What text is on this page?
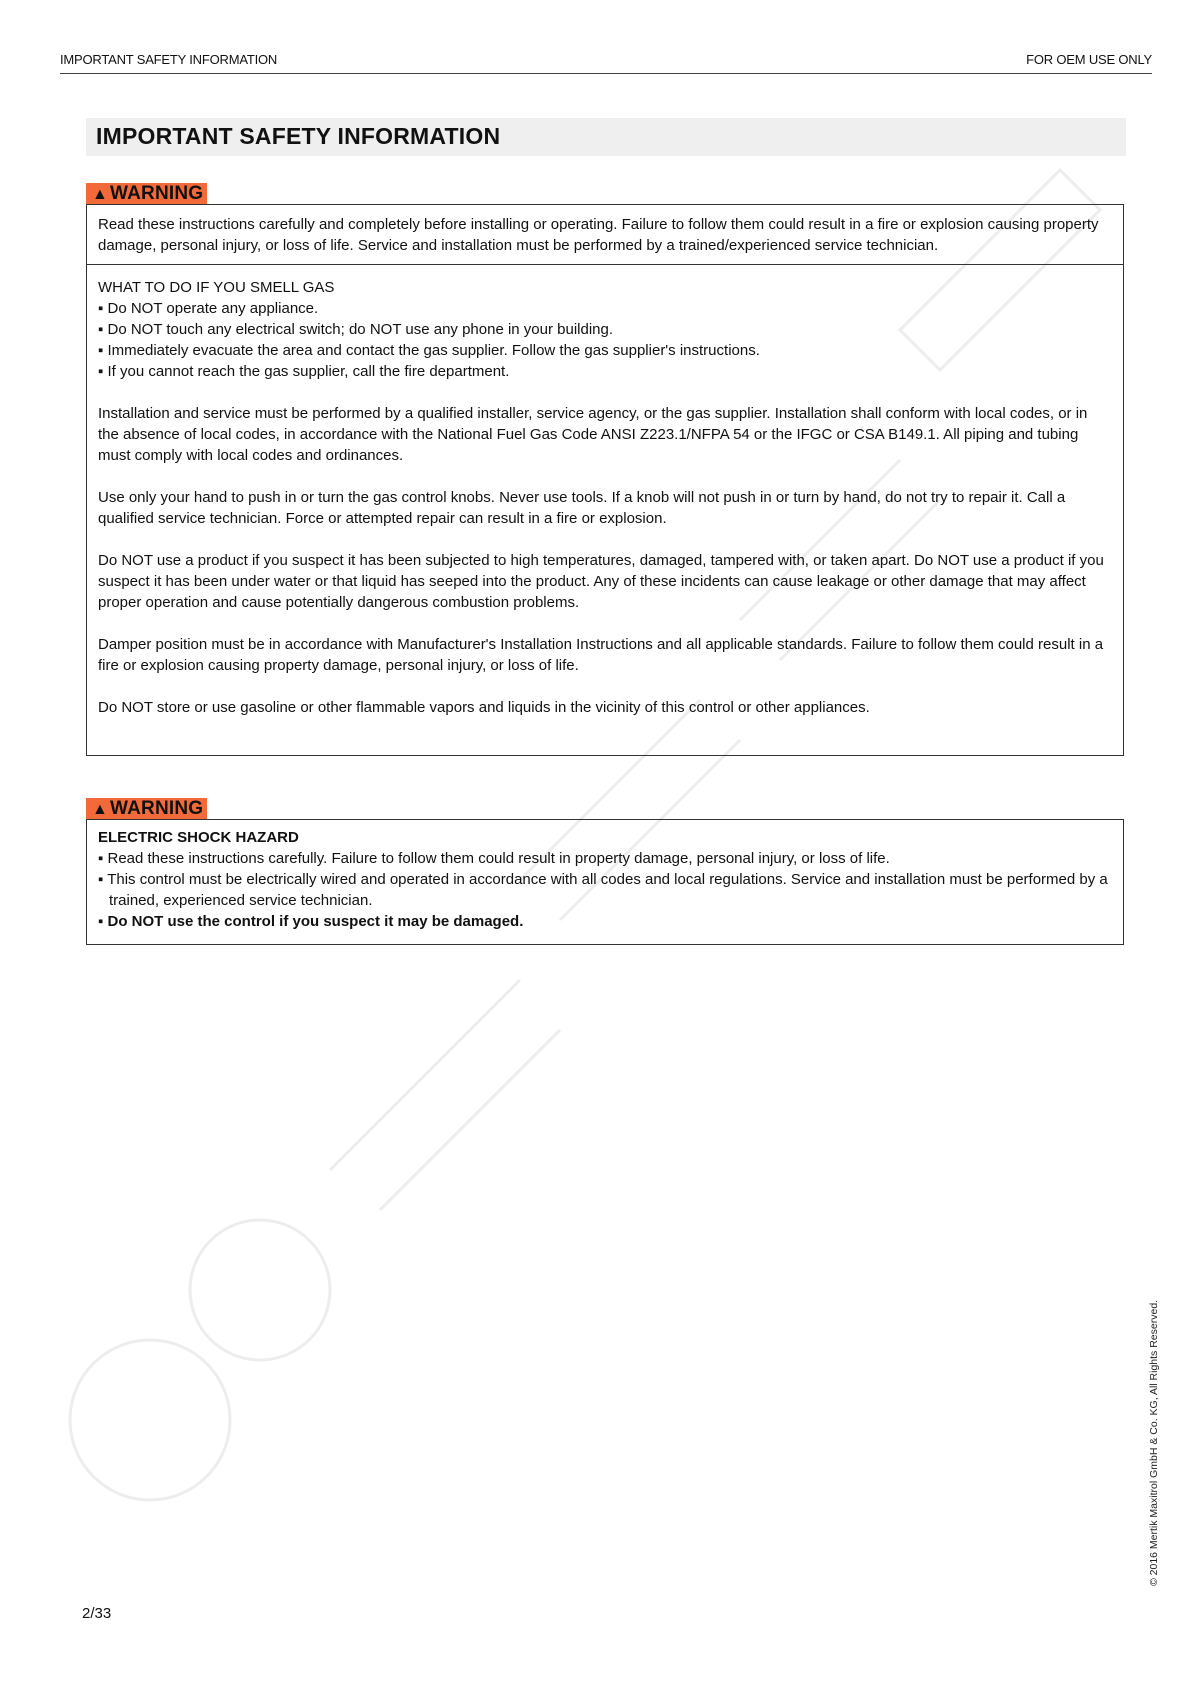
IMPORTANT SAFETY INFORMATION	FOR OEM USE ONLY
IMPORTANT SAFETY INFORMATION
▲ WARNING

Read these instructions carefully and completely before installing or operating. Failure to follow them could result in a fire or explosion causing property damage, personal injury, or loss of life. Service and installation must be performed by a trained/experienced service technician.

WHAT TO DO IF YOU SMELL GAS

▪ Do NOT operate any appliance.

▪ Do NOT touch any electrical switch; do NOT use any phone in your building.

▪ Immediately evacuate the area and contact the gas supplier. Follow the gas supplier's instructions.

▪ If you cannot reach the gas supplier, call the fire department.

Installation and service must be performed by a qualified installer, service agency, or the gas supplier. Installation shall conform with local codes, or in the absence of local codes, in accordance with the National Fuel Gas Code ANSI Z223.1/NFPA 54 or the IFGC or CSA B149.1. All piping and tubing must comply with local codes and ordinances.

Use only your hand to push in or turn the gas control knobs. Never use tools. If a knob will not push in or turn by hand, do not try to repair it. Call a qualified service technician. Force or attempted repair can result in a fire or explosion.

Do NOT use a product if you suspect it has been subjected to high temperatures, damaged, tampered with, or taken apart. Do NOT use a product if you suspect it has been under water or that liquid has seeped into the product. Any of these incidents can cause leakage or other damage that may affect proper operation and cause potentially dangerous combustion problems.

Damper position must be in accordance with Manufacturer's Installation Instructions and all applicable standards. Failure to follow them could result in a fire or explosion causing property damage, personal injury, or loss of life.

Do NOT store or use gasoline or other flammable vapors and liquids in the vicinity of this control or other appliances.

▲ WARNING

ELECTRIC SHOCK HAZARD

▪ Read these instructions carefully. Failure to follow them could result in property damage, personal injury, or loss of life.

▪ This control must be electrically wired and operated in accordance with all codes and local regulations. Service and installation must be performed by a trained, experienced service technician.

▪ Do NOT use the control if you suspect it may be damaged.

2/33
© 2016 Mertik Maxitrol GmbH & Co. KG, All Rights Reserved.
